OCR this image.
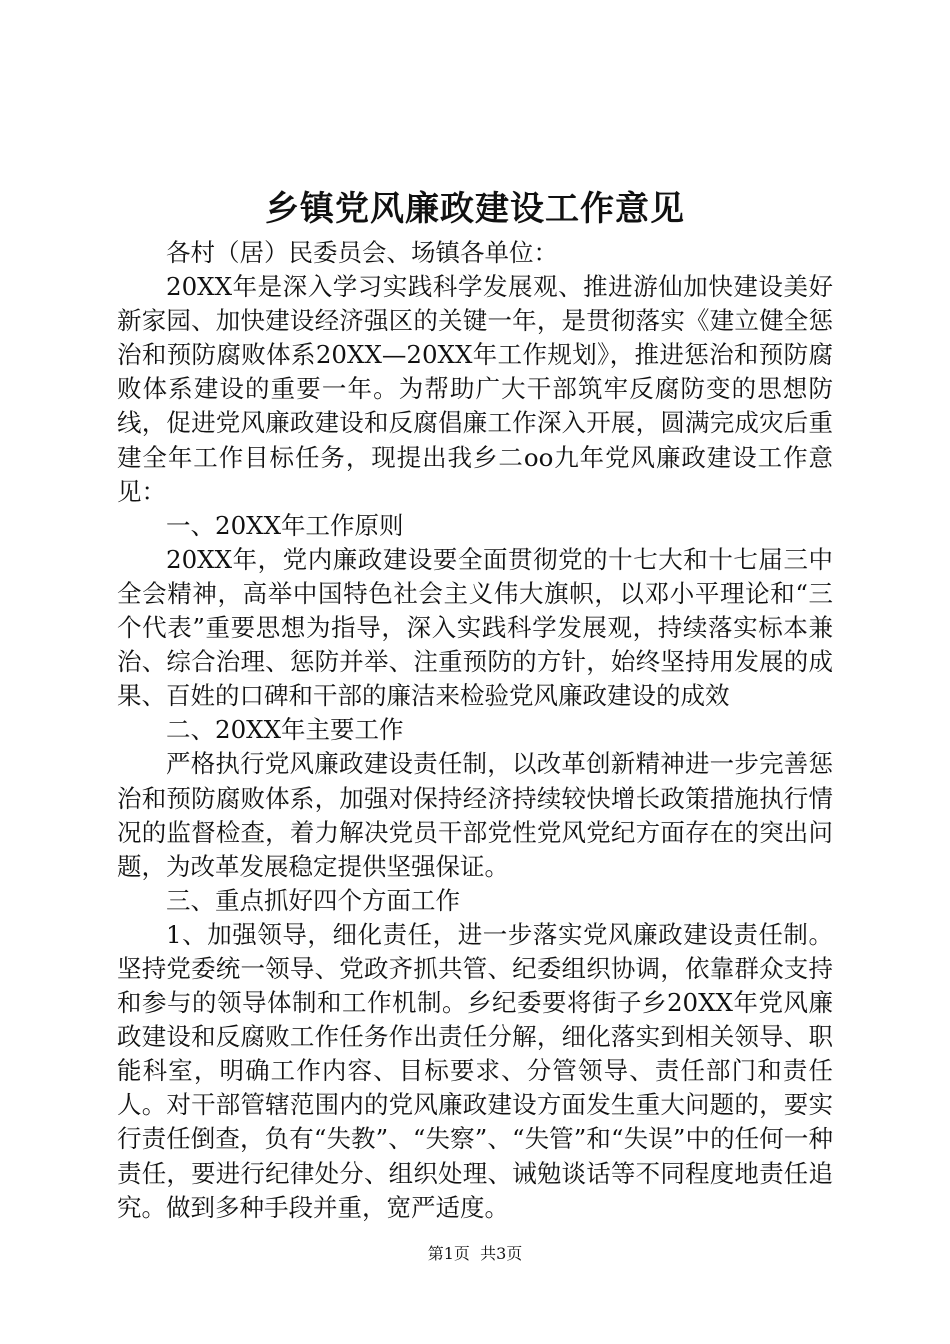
乡镇党风廉政建设工作意见

各村（居）民委员会、场镇各单位：

20XX年是深入学习实践科学发展观、推进游仙加快建设美好新家园、加快建设经济强区的关键一年，是贯彻落实《建立健全惩治和预防腐败体系20XX—20XX年工作规划》，推进惩治和预防腐败体系建设的重要一年。为帮助广大干部筑牢反腐防变的思想防线，促进党风廉政建设和反腐倡廉工作深入开展，圆满完成灾后重建全年工作目标任务，现提出我乡二oo九年党风廉政建设工作意见：

一、20XX年工作原则

20XX年，党内廉政建设要全面贯彻党的十七大和十七届三中全会精神，高举中国特色社会主义伟大旗帜，以邓小平理论和“三个代表”重要思想为指导，深入实践科学发展观，持续落实标本兼治、综合治理、惩防并举、注重预防的方针，始终坚持用发展的成果、百姓的口碑和干部的廉洁来检验党风廉政建设的成效

二、20XX年主要工作

严格执行党风廉政建设责任制，以改革创新精神进一步完善惩治和预防腐败体系，加强对保持经济持续较快增长政策措施执行情况的监督检查，着力解决党员干部党性党风党纪方面存在的突出问题，为改革发展稳定提供坚强保证。

三、重点抓好四个方面工作

1、加强领导，细化责任，进一步落实党风廉政建设责任制。坚持党委统一领导、党政齐抓共管、纪委组织协调，依靠群众支持和参与的领导体制和工作机制。乡纪委要将街子乡20XX年党风廉政建设和反腐败工作任务作出责任分解，细化落实到相关领导、职能科室，明确工作内容、目标要求、分管领导、责任部门和责任人。对干部管辖范围内的党风廉政建设方面发生重大问题的，要实行责任倒查，负有“失教”、“失察”、“失管”和“失误”中的任何一种责任，要进行纪律处分、组织处理、诫勉谈话等不同程度地责任追究。做到多种手段并重，宽严适度。

第1页 共3页
